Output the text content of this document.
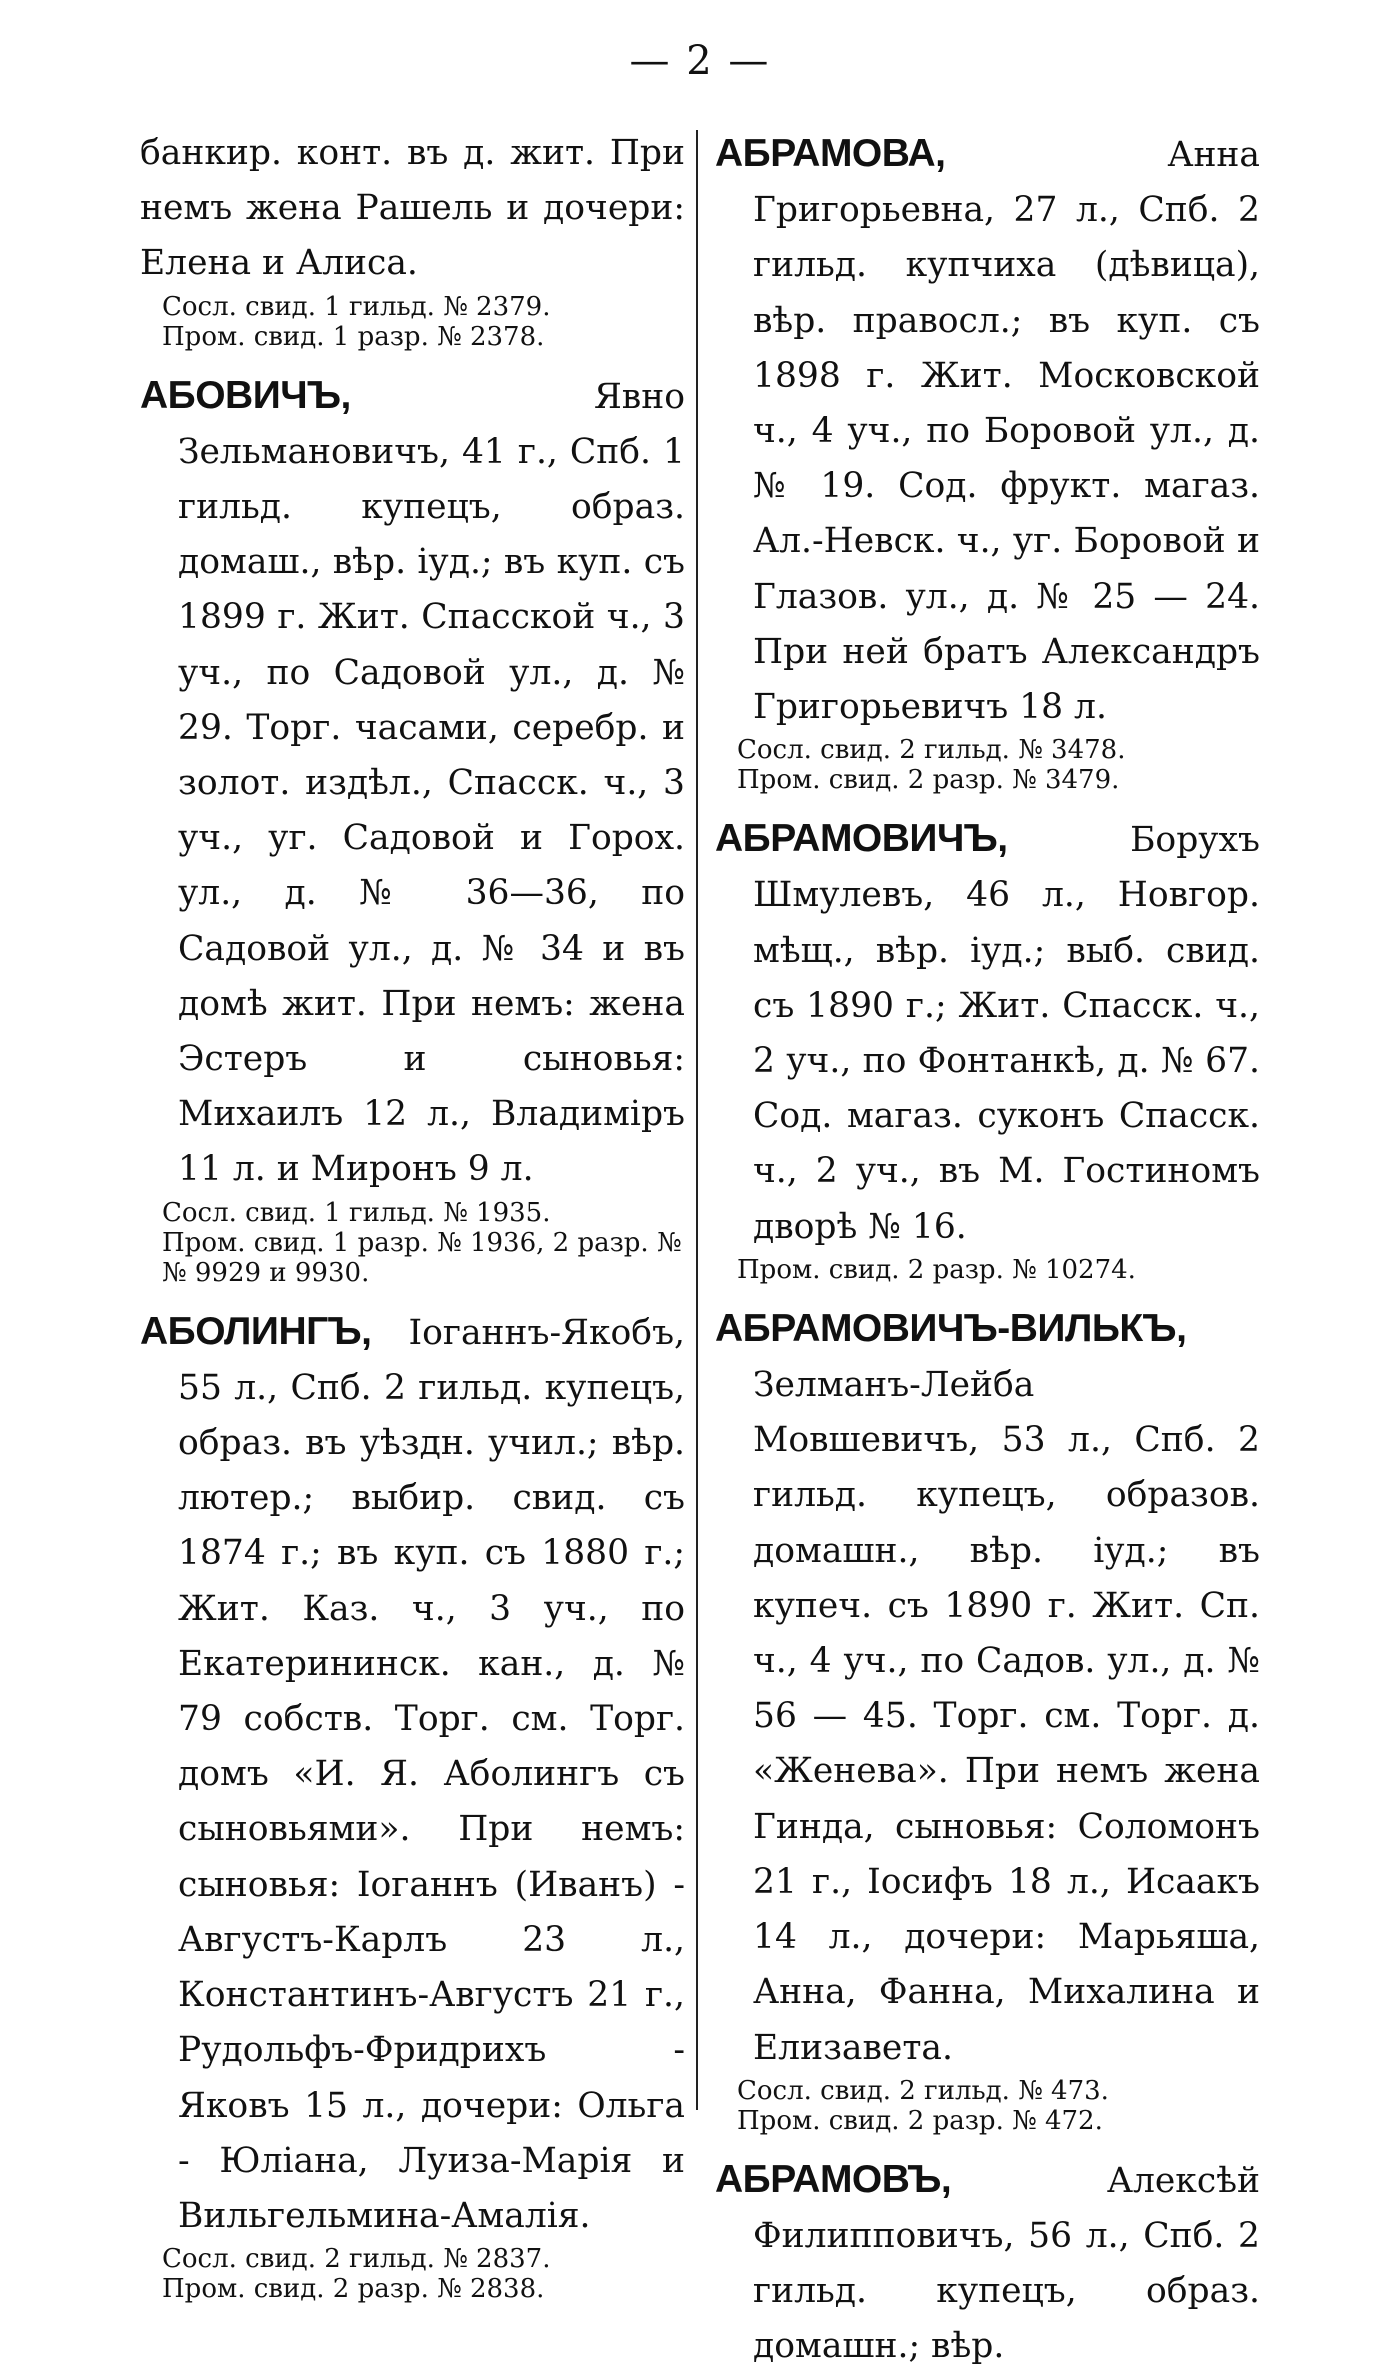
— 2 —
банкир. конт. въ д. жит. При немъ жена Рашель и дочери: Елена и Алиса.
Сосл. свид. 1 гильд. № 2379.
Пром. свид. 1 разр. № 2378.
АБОВИЧЪ,	Явно Зельмановичъ, 41 г., Спб. 1 гильд. купецъ, образ. домаш., вѣр. iуд.; въ куп. съ 1899 г. Жит. Спасской ч., 3 уч., по Садовой ул., д. № 29. Торг. часами, серебр. и золот. издѣл., Спасск. ч., 3 уч., уг. Садовой и Горох. ул., д. № 36—36, по Садовой ул., д. № 34 и въ домѣ жит. При немъ: жена Эстеръ и сыновья: Михаилъ 12 л., Владимiръ 11 л. и Миронъ 9 л.
Сосл. свид. 1 гильд. № 1935.
Пром. свид. 1 разр. № 1936, 2 разр. №№ 9929 и 9930.
АБОЛИНГЪ, Iоганнъ-Якобъ, 55 л., Спб. 2 гильд. купецъ, образ. въ уѣздн. учил.; вѣр. лютер.; выбир. свид. съ 1874 г.; въ куп. съ 1880 г.; Жит. Каз. ч., 3 уч., по Екатерининск. кан., д. № 79 собств. Торг. см. Торг. домъ «И. Я. Аболингъ съ сыновьями». При немъ: сыновья: Iоганнъ (Иванъ) - Августъ-Карлъ 23 л., Константинъ-Августъ 21 г., Рудольфъ-Фридрихъ - Яковъ 15 л., дочери: Ольга - Юлiана, Луиза-Марiя и Вильгельмина-Амалiя.
Сосл. свид. 2 гильд. № 2837.
Пром. свид. 2 разр. № 2838.
АБРАМОВА,	Анна Григорьевна, 27 л., Спб. 2 гильд. купчиха (дѣвица), вѣр. правосл.; въ куп. съ 1898 г. Жит. Московской ч., 4 уч., по Боровой ул., д. № 19. Сод. фрукт. магаз. Ал.-Невск. ч., уг. Боровой и Глазов. ул., д. № 25 — 24. При ней братъ Александръ Григорьевичъ 18 л.
Сосл. свид. 2 гильд. № 3478.
Пром. свид. 2 разр. № 3479.
АБРАМОВИЧЪ,	Борухъ Шмулевъ, 46 л., Новгор. мѣщ., вѣр. iуд.; выб. свид. съ 1890 г.; Жит. Спасск. ч., 2 уч., по Фонтанкѣ, д. № 67. Сод. магаз. суконъ Спасск. ч., 2 уч., въ М. Гостиномъ дворѣ № 16.
Пром. свид. 2 разр. № 10274.
АБРАМОВИЧЪ-ВИЛЬКЪ, Зелманъ-Лейба Мовшевичъ, 53 л., Спб. 2 гильд. купецъ, образов. домашн., вѣр. iуд.; въ купеч. съ 1890 г. Жит. Сп. ч., 4 уч., по Садов. ул., д. № 56 — 45. Торг. см. Торг. д. «Женева». При немъ жена Гинда, сыновья: Соломонъ 21 г., Iосифъ 18 л., Исаакъ 14 л., дочери: Марьяша, Анна, Фанна, Михалина и Елизавета.
Сосл. свид. 2 гильд. № 473.
Пром. свид. 2 разр. № 472.
АБРАМОВЪ,	Алексѣй Филипповичъ, 56 л., Спб. 2 гильд. купецъ, образ. домашн.; вѣр.
